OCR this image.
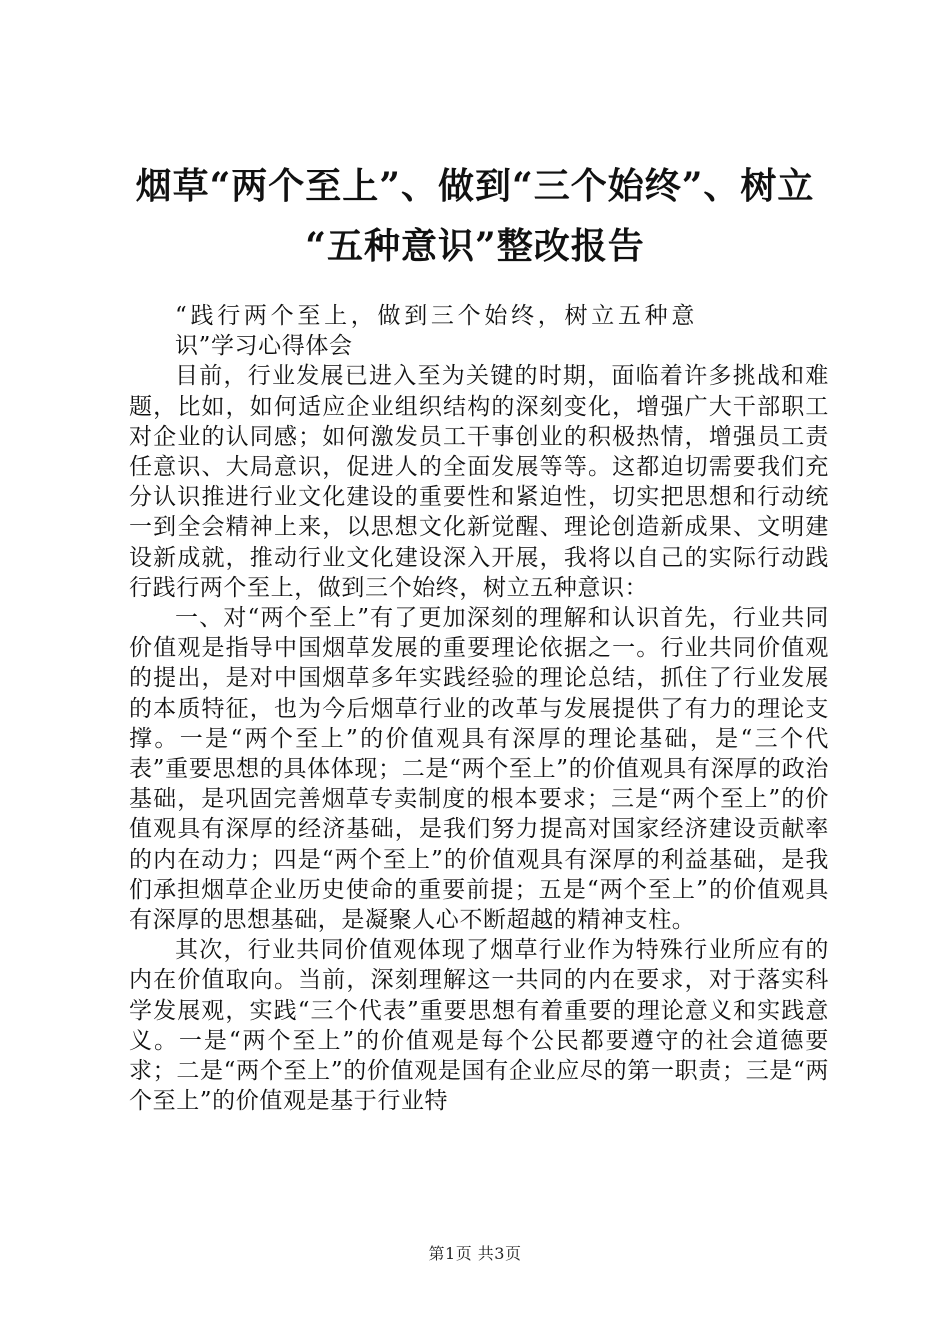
烟草“两个至上”、做到“三个始终”、树立
“五种意识”整改报告

“践行两个至上，做到三个始终，树立五种意识”学习心得体会

目前，行业发展已进入至为关键的时期，面临着许多挑战和难题，比如，如何适应企业组织结构的深刻变化，增强广大干部职工对企业的认同感；如何激发员工干事创业的积极热情，增强员工责任意识、大局意识，促进人的全面发展等等。这都迫切需要我们充分认识推进行业文化建设的重要性和紧迫性，切实把思想和行动统一到全会精神上来，以思想文化新觉醒、理论创造新成果、文明建设新成就，推动行业文化建设深入开展，我将以自己的实际行动践行践行两个至上，做到三个始终，树立五种意识：

一、对“两个至上”有了更加深刻的理解和认识首先，行业共同价值观是指导中国烟草发展的重要理论依据之一。行业共同价值观的提出，是对中国烟草多年实践经验的理论总结，抓住了行业发展的本质特征，也为今后烟草行业的改革与发展提供了有力的理论支撑。一是“两个至上”的价值观具有深厚的理论基础，是“三个代表”重要思想的具体体现；二是“两个至上”的价值观具有深厚的政治基础，是巩固完善烟草专卖制度的根本要求；三是“两个至上”的价值观具有深厚的经济基础，是我们努力提高对国家经济建设贡献率的内在动力；四是“两个至上”的价值观具有深厚的利益基础，是我们承担烟草企业历史使命的重要前提；五是“两个至上”的价值观具有深厚的思想基础，是凝聚人心不断超越的精神支柱。

其次，行业共同价值观体现了烟草行业作为特殊行业所应有的内在价值取向。当前，深刻理解这一共同的内在要求，对于落实科学发展观，实践“三个代表”重要思想有着重要的理论意义和实践意义。一是“两个至上”的价值观是每个公民都要遵守的社会道德要求；二是“两个至上”的价值观是国有企业应尽的第一职责；三是“两个至上”的价值观是基于行业特

第1页 共3页
